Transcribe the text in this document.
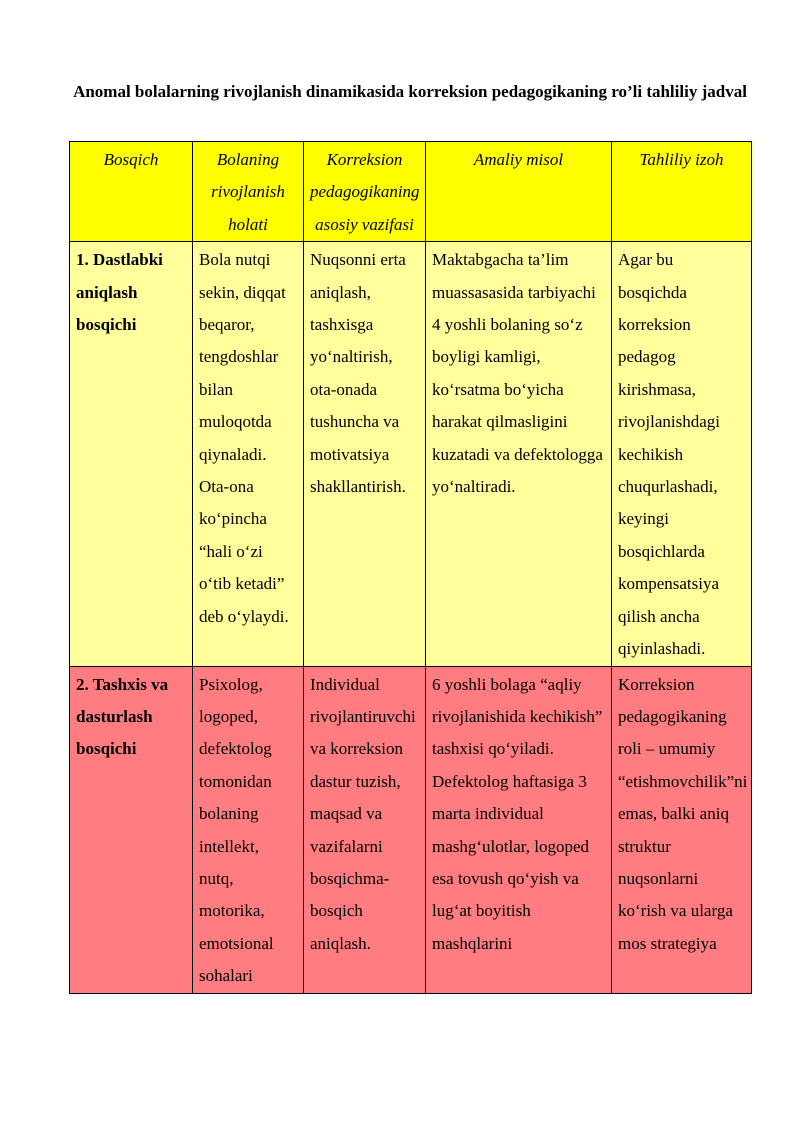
Anomal bolalarning rivojlanish dinamikasida korreksion pedagogikaning ro’li tahliliy jadval
Bosqich	Bolaning rivojlanish holati	Korreksion pedagogikaning asosiy vazifasi	Amaliy misol	Tahliliy izoh
1. Dastlabki aniqlash bosqichi	Bola nutqi sekin, diqqat beqaror, tengdoshlar bilan muloqotda qiynaladi. Ota-ona ko‘pincha “hali o‘zi o‘tib ketadi” deb o‘ylaydi.	Nuqsonni erta aniqlash, tashxisga yo‘naltirish, ota-onada tushuncha va motivatsiya shakllantirish.	Maktabgacha ta’lim muassasasida tarbiyachi 4 yoshli bolaning so‘z boyligi kamligi, ko‘rsatma bo‘yicha harakat qilmasligini kuzatadi va defektologga yo‘naltiradi.	Agar bu bosqichda korreksion pedagog kirishmasa, rivojlanishdagi kechikish chuqurlashadi, keyingi bosqichlarda kompensatsiya qilish ancha qiyinlashadi.
2. Tashxis va dasturlash bosqichi	Psixolog, logoped, defektolog tomonidan bolaning intellekt, nutq, motorika, emotsional sohalari	Individual rivojlantiruvchi va korreksion dastur tuzish, maqsad va vazifalarni bosqichma-bosqich aniqlash.	6 yoshli bolaga “aqliy rivojlanishida kechikish” tashxisi qo‘yiladi. Defektolog haftasiga 3 marta individual mashg‘ulotlar, logoped esa tovush qo‘yish va lug‘at boyitish mashqlarini	Korreksion pedagogikaning roli – umumiy “etishmovchilik”ni emas, balki aniq struktur nuqsonlarni ko‘rish va ularga mos strategiya
